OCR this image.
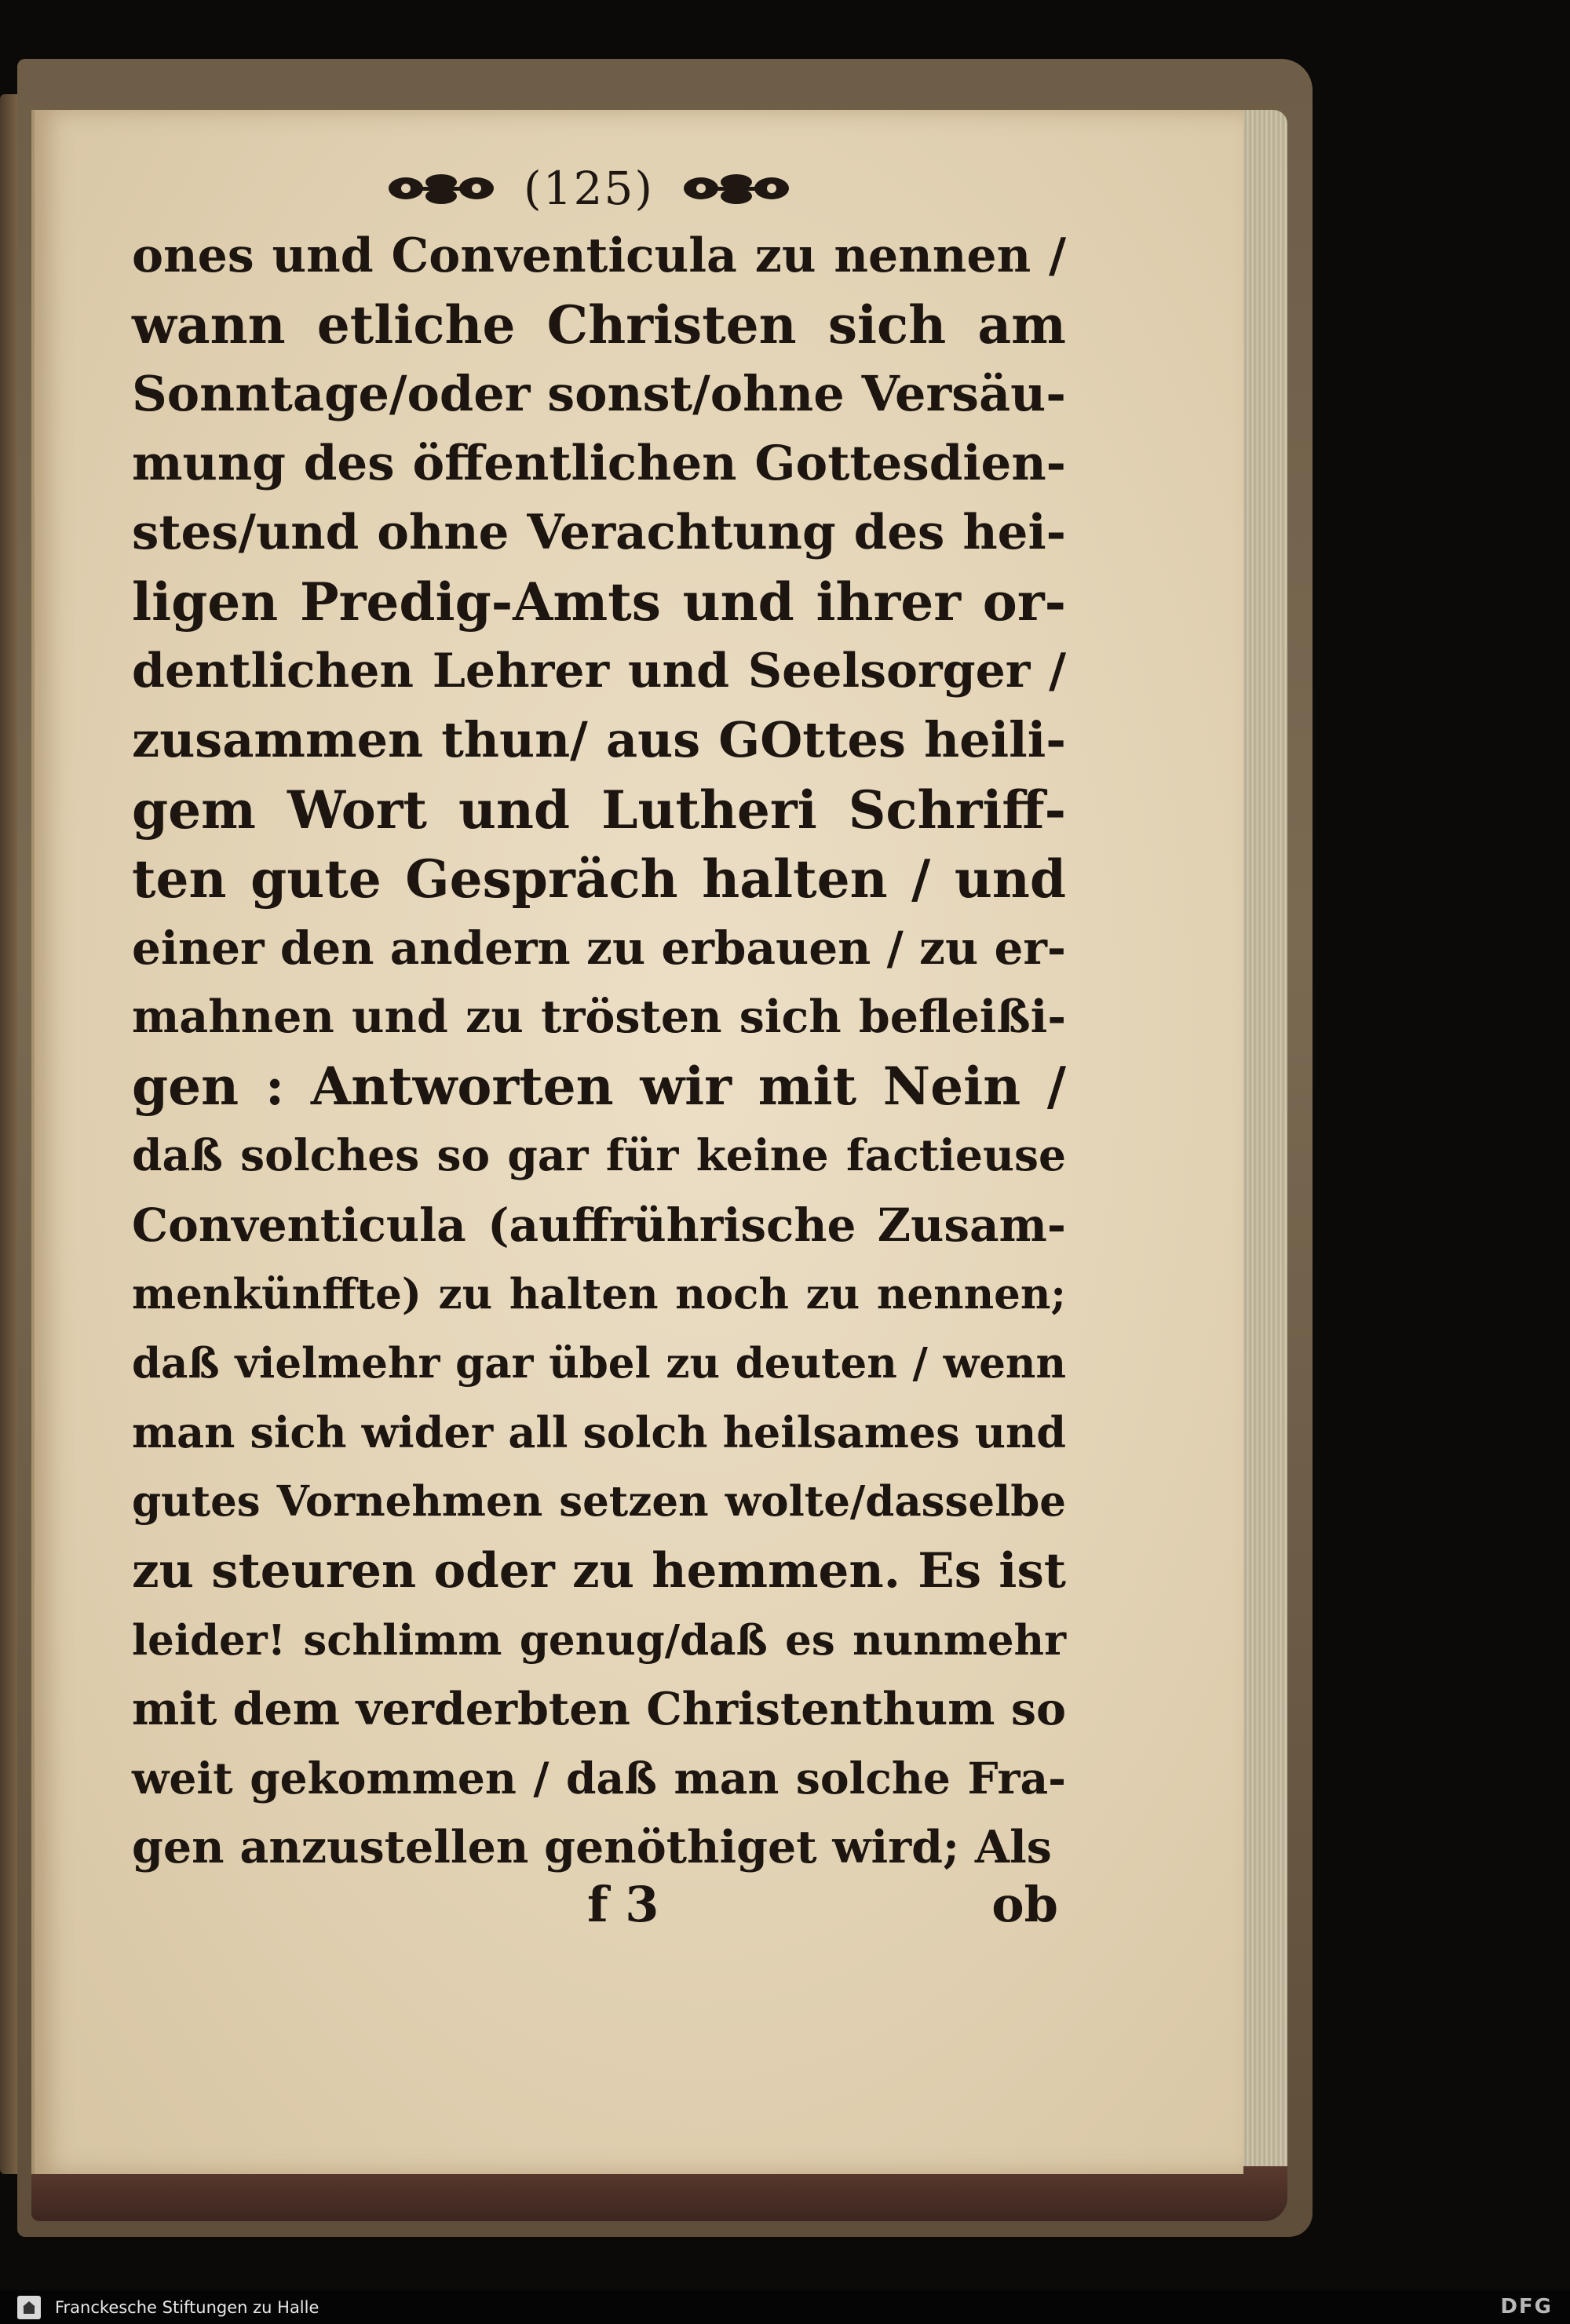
(125)
ones und Conventicula zu nennen /
wann etliche Christen sich am
Sonntage/oder sonst/ohne Versäu-
mung des öffentlichen Gottesdien-
stes/und ohne Verachtung des hei-
ligen Predig-Amts und ihrer or-
dentlichen Lehrer und Seelsorger /
zusammen thun/ aus GOttes heili-
gem Wort und Lutheri Schriff-
ten gute Gespräch halten / und
einer den andern zu erbauen / zu er-
mahnen und zu trösten sich befleißi-
gen : Antworten wir mit Nein /
daß solches so gar für keine factieuse
Conventicula (auffrührische Zusam-
menkünffte) zu halten noch zu nennen;
daß vielmehr gar übel zu deuten / wenn
man sich wider all solch heilsames und
gutes Vornehmen setzen wolte/dasselbe
zu steuren oder zu hemmen. Es ist
leider! schlimm genug/daß es nunmehr
mit dem verderbten Christenthum so
weit gekommen / daß man solche Fra-
gen anzustellen genöthiget wird; Als
f 3	ob
Franckesche Stiftungen zu Halle	DFG
